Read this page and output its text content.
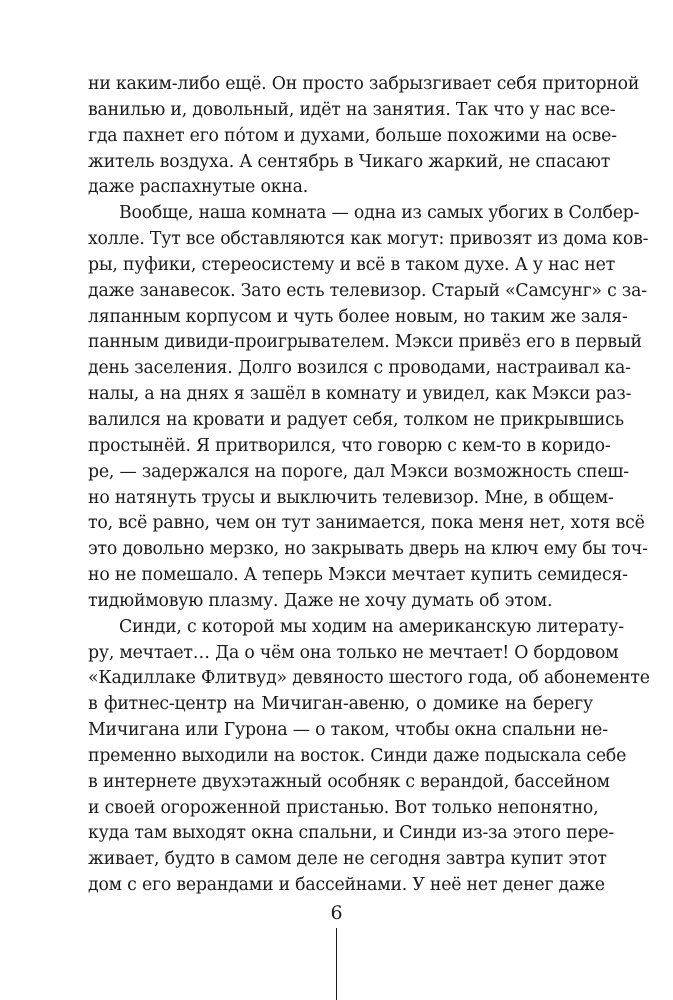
ни каким-либо ещё. Он просто забрызгивает себя приторной
ванилью и, довольный, идёт на занятия. Так что у нас все-
гда пахнет его по́том и духами, больше похожими на осве-
житель воздуха. А сентябрь в Чикаго жаркий, не спасают
даже распахнутые окна.
Вообще, наша комната — одна из самых убогих в Солбер-
холле. Тут все обставляются как могут: привозят из дома ков-
ры, пуфики, стереосистему и всё в таком духе. А у нас нет
даже занавесок. Зато есть телевизор. Старый «Самсунг» с за-
ляпанным корпусом и чуть более новым, но таким же заля-
панным дивиди-проигрывателем. Мэкси привёз его в первый
день заселения. Долго возился с проводами, настраивал ка-
налы, а на днях я зашёл в комнату и увидел, как Мэкси раз-
валился на кровати и радует себя, толком не прикрывшись
простынёй. Я притворился, что говорю с кем-то в коридо-
ре, — задержался на пороге, дал Мэкси возможность спеш-
но натянуть трусы и выключить телевизор. Мне, в общем-
то, всё равно, чем он тут занимается, пока меня нет, хотя всё
это довольно мерзко, но закрывать дверь на ключ ему бы точ-
но не помешало. А теперь Мэкси мечтает купить семидеся-
тидюймовую плазму. Даже не хочу думать об этом.
Синди, с которой мы ходим на американскую литерату-
ру, мечтает… Да о чём она только не мечтает! О бордовом
«Кадиллаке Флитвуд» девяносто шестого года, об абонементе
в фитнес-центр на Мичиган-авеню, о домике на берегу
Мичигана или Гурона — о таком, чтобы окна спальни не-
пременно выходили на восток. Синди даже подыскала себе
в интернете двухэтажный особняк с верандой, бассейном
и своей огороженной пристанью. Вот только непонятно,
куда там выходят окна спальни, и Синди из-за этого пере-
живает, будто в самом деле не сегодня завтра купит этот
дом с его верандами и бассейнами. У неё нет денег даже
6
